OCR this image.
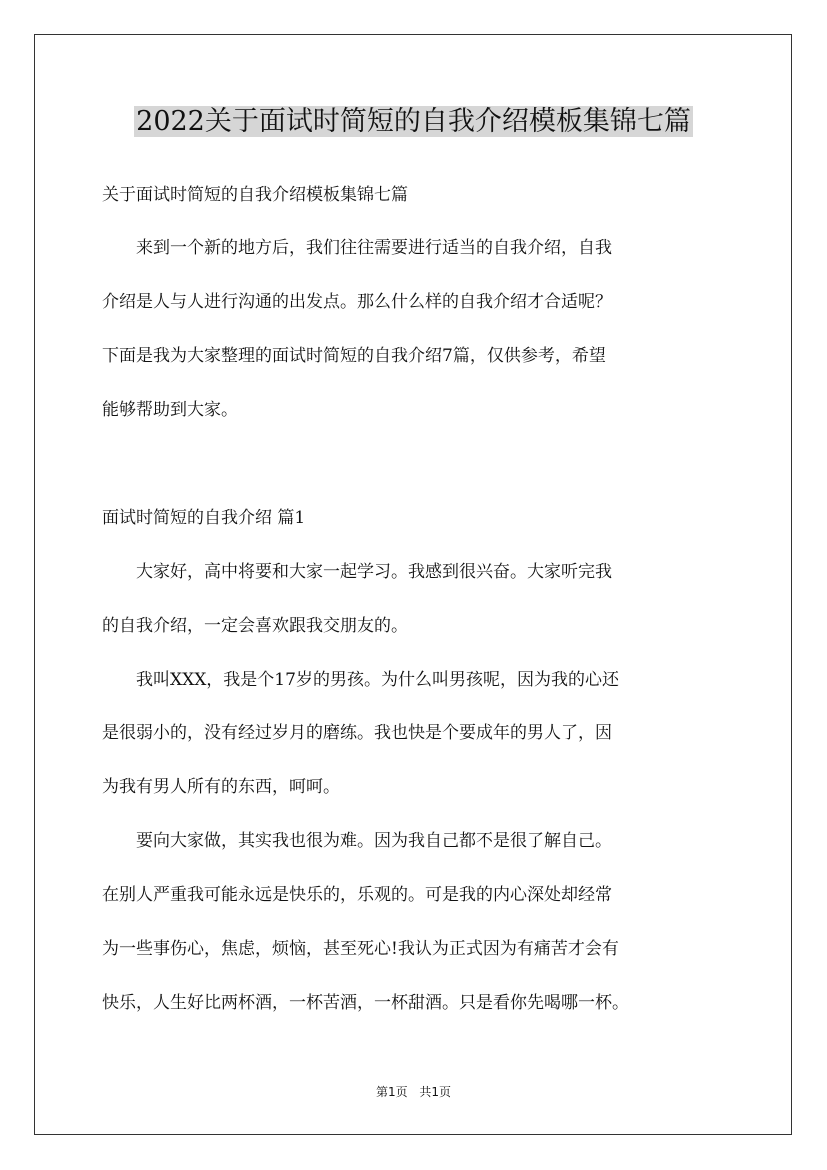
2022关于面试时简短的自我介绍模板集锦七篇
关于面试时简短的自我介绍模板集锦七篇
　　来到一个新的地方后，我们往往需要进行适当的自我介绍，自我
介绍是人与人进行沟通的出发点。那么什么样的自我介绍才合适呢？
下面是我为大家整理的面试时简短的自我介绍7篇，仅供参考，希望
能够帮助到大家。
面试时简短的自我介绍 篇1
　　大家好，高中将要和大家一起学习。我感到很兴奋。大家听完我
的自我介绍，一定会喜欢跟我交朋友的。
　　我叫XXX，我是个17岁的男孩。为什么叫男孩呢，因为我的心还
是很弱小的，没有经过岁月的磨练。我也快是个要成年的男人了，因
为我有男人所有的东西，呵呵。
　　要向大家做，其实我也很为难。因为我自己都不是很了解自己。
在别人严重我可能永远是快乐的，乐观的。可是我的内心深处却经常
为一些事伤心，焦虑，烦恼，甚至死心!我认为正式因为有痛苦才会有
快乐，人生好比两杯酒，一杯苦酒，一杯甜酒。只是看你先喝哪一杯。
第1页 共1页
